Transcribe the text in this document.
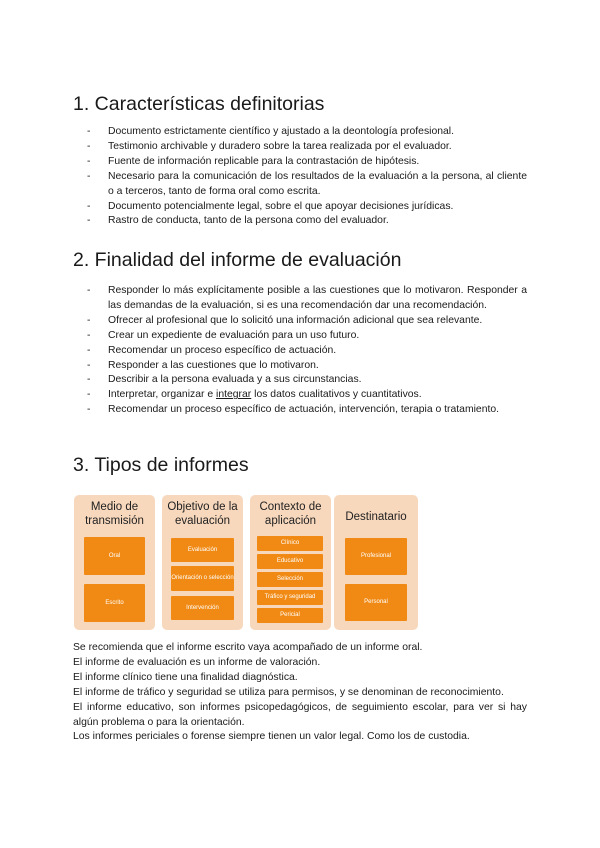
1. Características definitorias
- Documento estrictamente científico y ajustado a la deontología profesional.
- Testimonio archivable y duradero sobre la tarea realizada por el evaluador.
- Fuente de información replicable para la contrastación de hipótesis.
- Necesario para la comunicación de los resultados de la evaluación a la persona, al cliente o a terceros, tanto de forma oral como escrita.
- Documento potencialmente legal, sobre el que apoyar decisiones jurídicas.
- Rastro de conducta, tanto de la persona como del evaluador.
2. Finalidad del informe de evaluación
- Responder lo más explícitamente posible a las cuestiones que lo motivaron. Responder a las demandas de la evaluación, si es una recomendación dar una recomendación.
- Ofrecer al profesional que lo solicitó una información adicional que sea relevante.
- Crear un expediente de evaluación para un uso futuro.
- Recomendar un proceso específico de actuación.
- Responder a las cuestiones que lo motivaron.
- Describir a la persona evaluada y a sus circunstancias.
- Interpretar, organizar e integrar los datos cualitativos y cuantitativos.
- Recomendar un proceso específico de actuación, intervención, terapia o tratamiento.
3. Tipos de informes
Medio de transmisión
Oral
Escrito
Objetivo de la evaluación
Evaluación
Orientación o selección
Intervención
Contexto de aplicación
Clínico
Educativo
Selección
Tráfico y seguridad
Pericial
Destinatario
Profesional
Personal

Se recomienda que el informe escrito vaya acompañado de un informe oral.

El informe de evaluación es un informe de valoración.

El informe clínico tiene una finalidad diagnóstica.

El informe de tráfico y seguridad se utiliza para permisos, y se denominan de reconocimiento.

El informe educativo, son informes psicopedagógicos, de seguimiento escolar, para ver si hay algún problema o para la orientación.

Los informes periciales o forense siempre tienen un valor legal. Como los de custodia.
